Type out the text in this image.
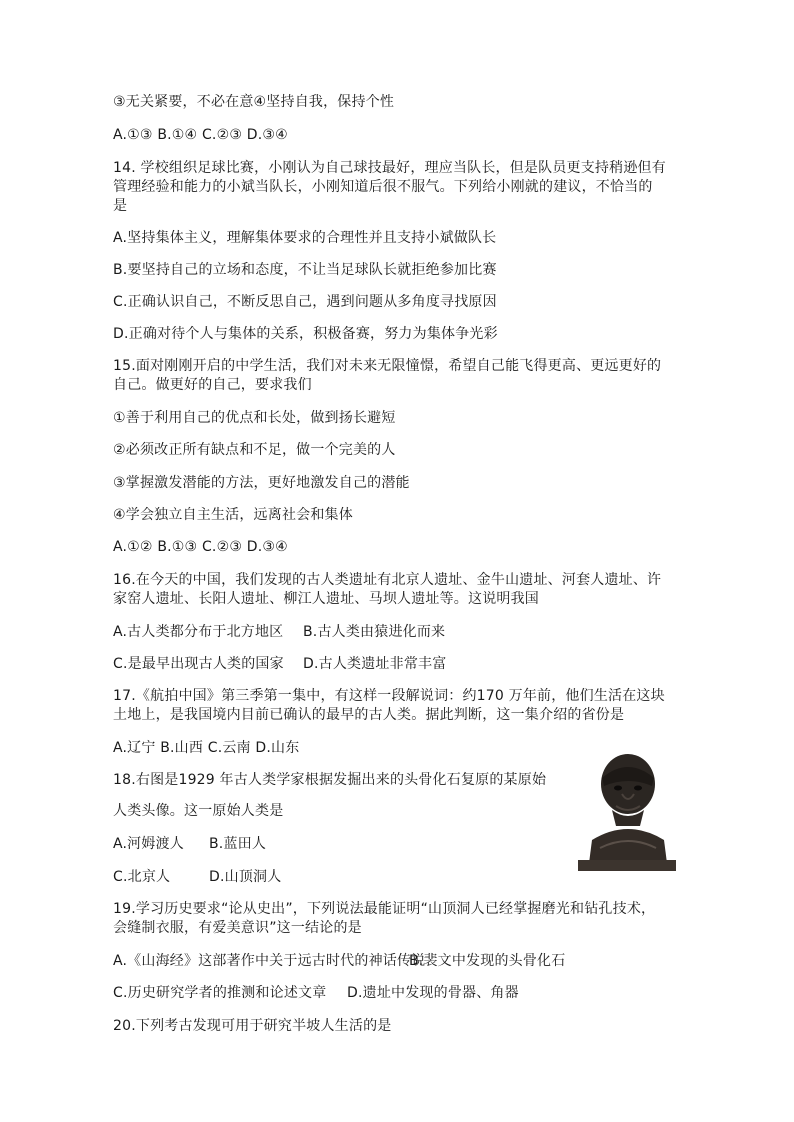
③无关紧要，不必在意④坚持自我，保持个性
A.①③ B.①④ C.②③ D.③④
14. 学校组织足球比赛，小刚认为自己球技最好，理应当队长，但是队员更支持稍逊但有
管理经验和能力的小斌当队长，小刚知道后很不服气。下列给小刚就的建议，不恰当的
是
A.坚持集体主义，理解集体要求的合理性并且支持小斌做队长
B.要坚持自己的立场和态度，不让当足球队长就拒绝参加比赛
C.正确认识自己，不断反思自己，遇到问题从多角度寻找原因
D.正确对待个人与集体的关系，积极备赛，努力为集体争光彩
15.面对刚刚开启的中学生活，我们对未来无限憧憬，希望自己能飞得更高、更远更好的
自己。做更好的自己，要求我们
①善于利用自己的优点和长处，做到扬长避短
②必须改正所有缺点和不足，做一个完美的人
③掌握激发潜能的方法，更好地激发自己的潜能
④学会独立自主生活，远离社会和集体
A.①② B.①③ C.②③ D.③④
16.在今天的中国，我们发现的古人类遗址有北京人遗址、金牛山遗址、河套人遗址、许
家窑人遗址、长阳人遗址、柳江人遗址、马坝人遗址等。这说明我国
A.古人类都分布于北方地区 B.古人类由猿进化而来
C.是最早出现古人类的国家 D.古人类遗址非常丰富
17.《航拍中国》第三季第一集中，有这样一段解说词：约170 万年前，他们生活在这块
土地上，是我国境内目前已确认的最早的古人类。据此判断，这一集介绍的省份是
A.辽宁 B.山西 C.云南 D.山东
18.右图是1929 年古人类学家根据发掘出来的头骨化石复原的某原始
人类头像。这一原始人类是
A.河姆渡人 B.蓝田人
C.北京人	D.山顶洞人
19.学习历史要求“论从史出”，下列说法最能证明“山顶洞人已经掌握磨光和钻孔技术，
会缝制衣服，有爱美意识”这一结论的是
A.《山海经》这部著作中关于远古时代的神话传说B.裴文中发现的头骨化石
C.历史研究学者的推测和论述文章 D.遗址中发现的骨器、角器
20.下列考古发现可用于研究半坡人生活的是
